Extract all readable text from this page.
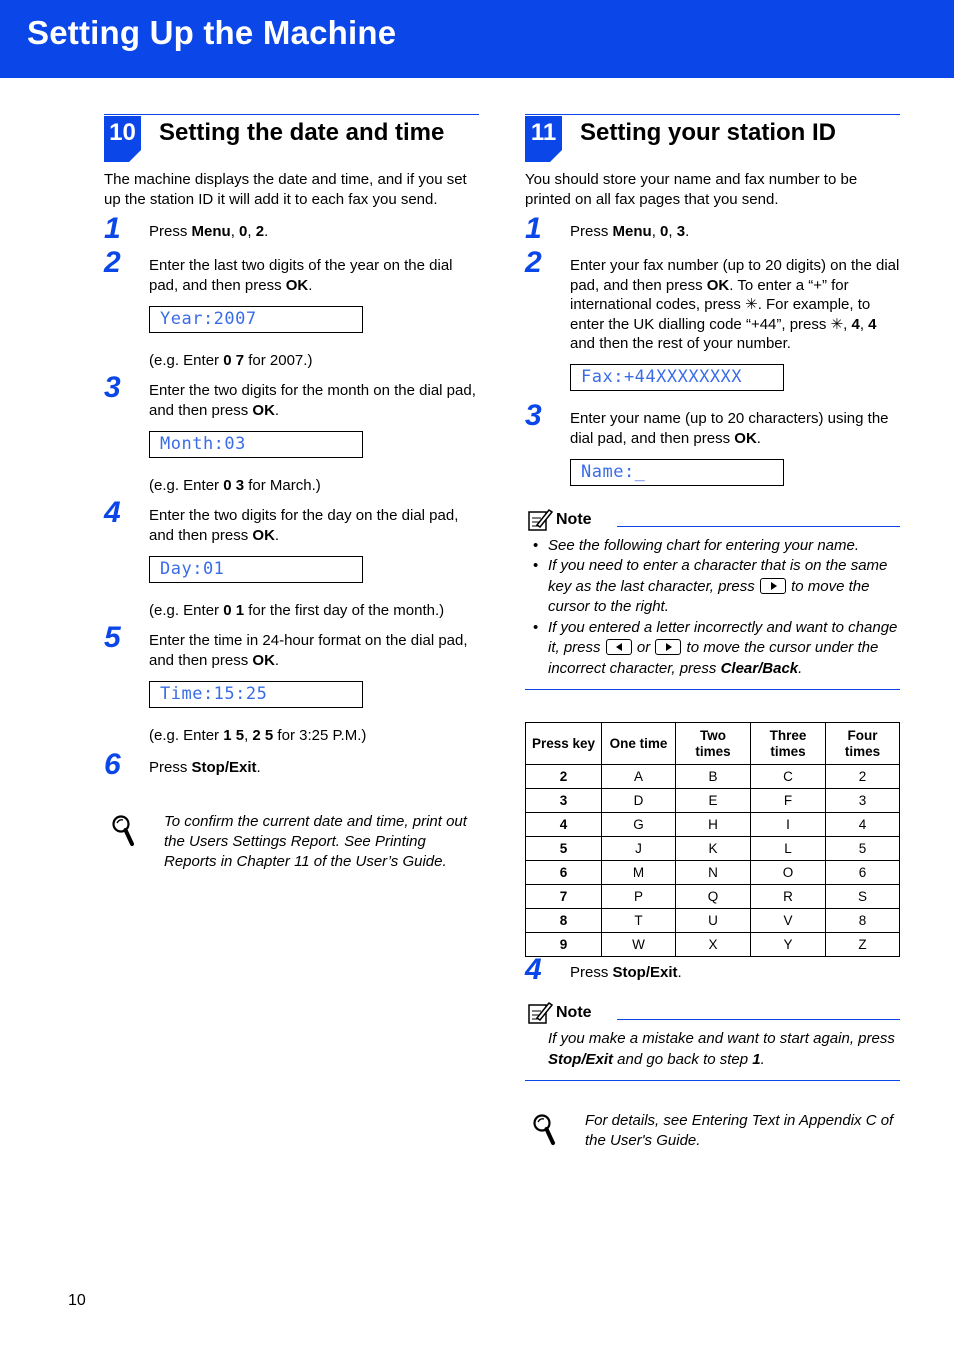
Setting Up the Machine
10 Setting the date and time
The machine displays the date and time, and if you set up the station ID it will add it to each fax you send.
1 Press Menu, 0, 2.
2 Enter the last two digits of the year on the dial pad, and then press OK.
Year:2007
(e.g. Enter 0 7 for 2007.)
3 Enter the two digits for the month on the dial pad, and then press OK.
Month:03
(e.g. Enter 0 3 for March.)
4 Enter the two digits for the day on the dial pad, and then press OK.
Day:01
(e.g. Enter 0 1 for the first day of the month.)
5 Enter the time in 24-hour format on the dial pad, and then press OK.
Time:15:25
(e.g. Enter 1 5, 2 5 for 3:25 P.M.)
6 Press Stop/Exit.
To confirm the current date and time, print out the Users Settings Report. See Printing Reports in Chapter 11 of the User’s Guide.
11 Setting your station ID
You should store your name and fax number to be printed on all fax pages that you send.
1 Press Menu, 0, 3.
2 Enter your fax number (up to 20 digits) on the dial pad, and then press OK. To enter a “+” for international codes, press ✳. For example, to enter the UK dialling code “+44”, press ✳, 4, 4 and then the rest of your number.
Fax:+44XXXXXXXX
3 Enter your name (up to 20 characters) using the dial pad, and then press OK.
Name:_
Note
• See the following chart for entering your name.
• If you need to enter a character that is on the same key as the last character, press  to move the cursor to the right.
• If you entered a letter incorrectly and want to change it, press  or  to move the cursor under the incorrect character, press Clear/Back.
Press key	One time	Two times	Three times	Four times
2	A	B	C	2
3	D	E	F	3
4	G	H	I	4
5	J	K	L	5
6	M	N	O	6
7	P	Q	R	S
8	T	U	V	8
9	W	X	Y	Z
4 Press Stop/Exit.
Note

If you make a mistake and want to start again, press Stop/Exit and go back to step 1.

For details, see Entering Text in Appendix C of the User's Guide.
10
